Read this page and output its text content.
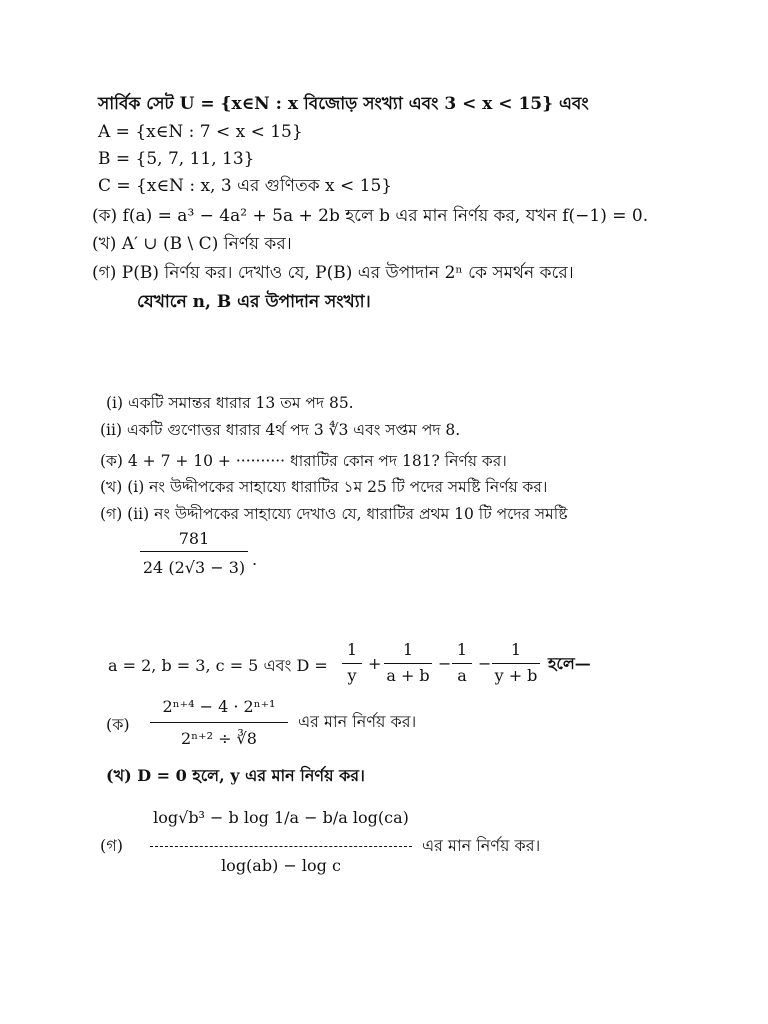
সার্বিক সেট U = {x∈N : x বিজোড় সংখ্যা এবং 3 < x < 15} এবং
A = {x∈N : 7 < x < 15}
B = {5, 7, 11, 13}
C = {x∈N : x, 3 এর গুণিতক x < 15}
(ক) f(a) = a³ − 4a² + 5a + 2b হলে b এর মান নির্ণয় কর, যখন f(−1) = 0.
(খ) A′ ∪ (B \ C) নির্ণয় কর।
(গ) P(B) নির্ণয় কর। দেখাও যে, P(B) এর উপাদান 2ⁿ কে সমর্থন করে।
যেখানে n, B এর উপাদান সংখ্যা।
(i) একটি সমান্তর ধারার 13 তম পদ 85.
(ii) একটি গুণোত্তর ধারার 4র্থ পদ 3 ∜3 এবং সপ্তম পদ 8.
(ক) 4 + 7 + 10 + ·········· ধারাটির কোন পদ 181? নির্ণয় কর।
(খ) (i) নং উদ্দীপকের সাহায্যে ধারাটির ১ম 25 টি পদের সমষ্টি নির্ণয় কর।
(গ) (ii) নং উদ্দীপকের সাহায্যে দেখাও যে, ধারাটির প্রথম 10 টি পদের সমষ্টি
781
24 (2√3 − 3) .
a = 2, b = 3, c = 5 এবং D =
1
y
+
1
a + b
−
1
a
−
1
y + b
হলে—
(ক)
2ⁿ⁺⁴ − 4 · 2ⁿ⁺¹
2ⁿ⁺² ÷ ∛8
এর মান নির্ণয় কর।
(খ) D = 0 হলে, y এর মান নির্ণয় কর।
(গ)
log√b³ − b log 1/a − b/a log(ca)
log(ab) − log c
এর মান নির্ণয় কর।
